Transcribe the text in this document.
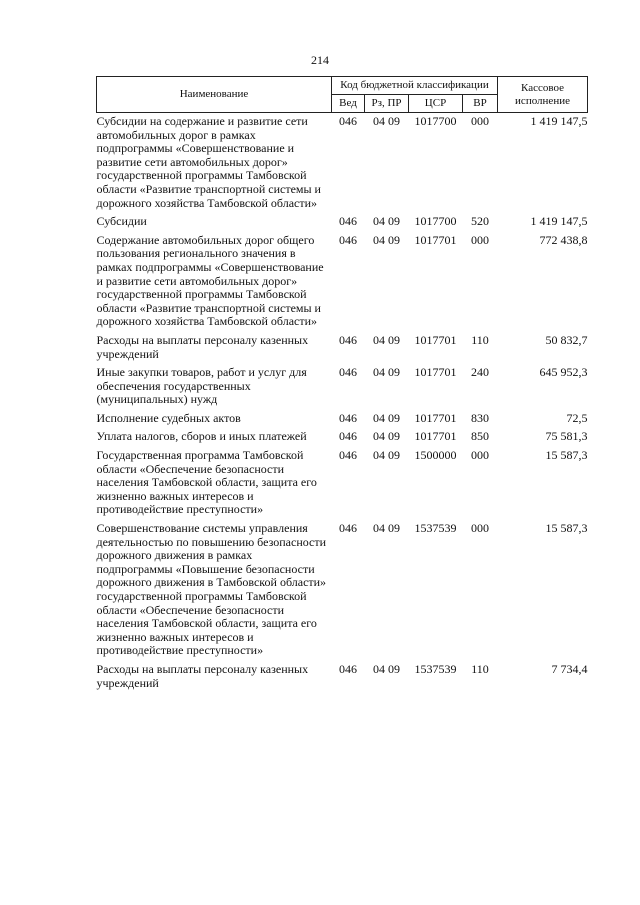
214
Наименование	Код бюджетной классификации				Кассовое исполнение
	Вед	Рз, ПР	ЦСР	ВР	
Субсидии на содержание и развитие сети автомобильных дорог в рамках подпрограммы «Совершенствование и развитие сети автомобильных дорог» государственной программы Тамбовской области «Развитие транспортной системы и дорожного хозяйства Тамбовской области»	046	04 09	1017700	000	1 419 147,5
Субсидии	046	04 09	1017700	520	1 419 147,5
Содержание автомобильных дорог общего пользования регионального значения в рамках подпрограммы «Совершенствование и развитие сети автомобильных дорог» государственной программы Тамбовской области «Развитие транспортной системы и дорожного хозяйства Тамбовской области»	046	04 09	1017701	000	772 438,8
Расходы на выплаты персоналу казенных учреждений	046	04 09	1017701	110	50 832,7
Иные закупки товаров, работ и услуг для обеспечения государственных (муниципальных) нужд	046	04 09	1017701	240	645 952,3
Исполнение судебных актов	046	04 09	1017701	830	72,5
Уплата налогов, сборов и иных платежей	046	04 09	1017701	850	75 581,3
Государственная программа Тамбовской области «Обеспечение безопасности населения Тамбовской области, защита его жизненно важных интересов и противодействие преступности»	046	04 09	1500000	000	15 587,3
Совершенствование системы управления деятельностью по повышению безопасности дорожного движения в рамках подпрограммы «Повышение безопасности дорожного движения в Тамбовской области» государственной программы Тамбовской области «Обеспечение безопасности населения Тамбовской области, защита его жизненно важных интересов и противодействие преступности»	046	04 09	1537539	000	15 587,3
Расходы на выплаты персоналу казенных учреждений	046	04 09	1537539	110	7 734,4
